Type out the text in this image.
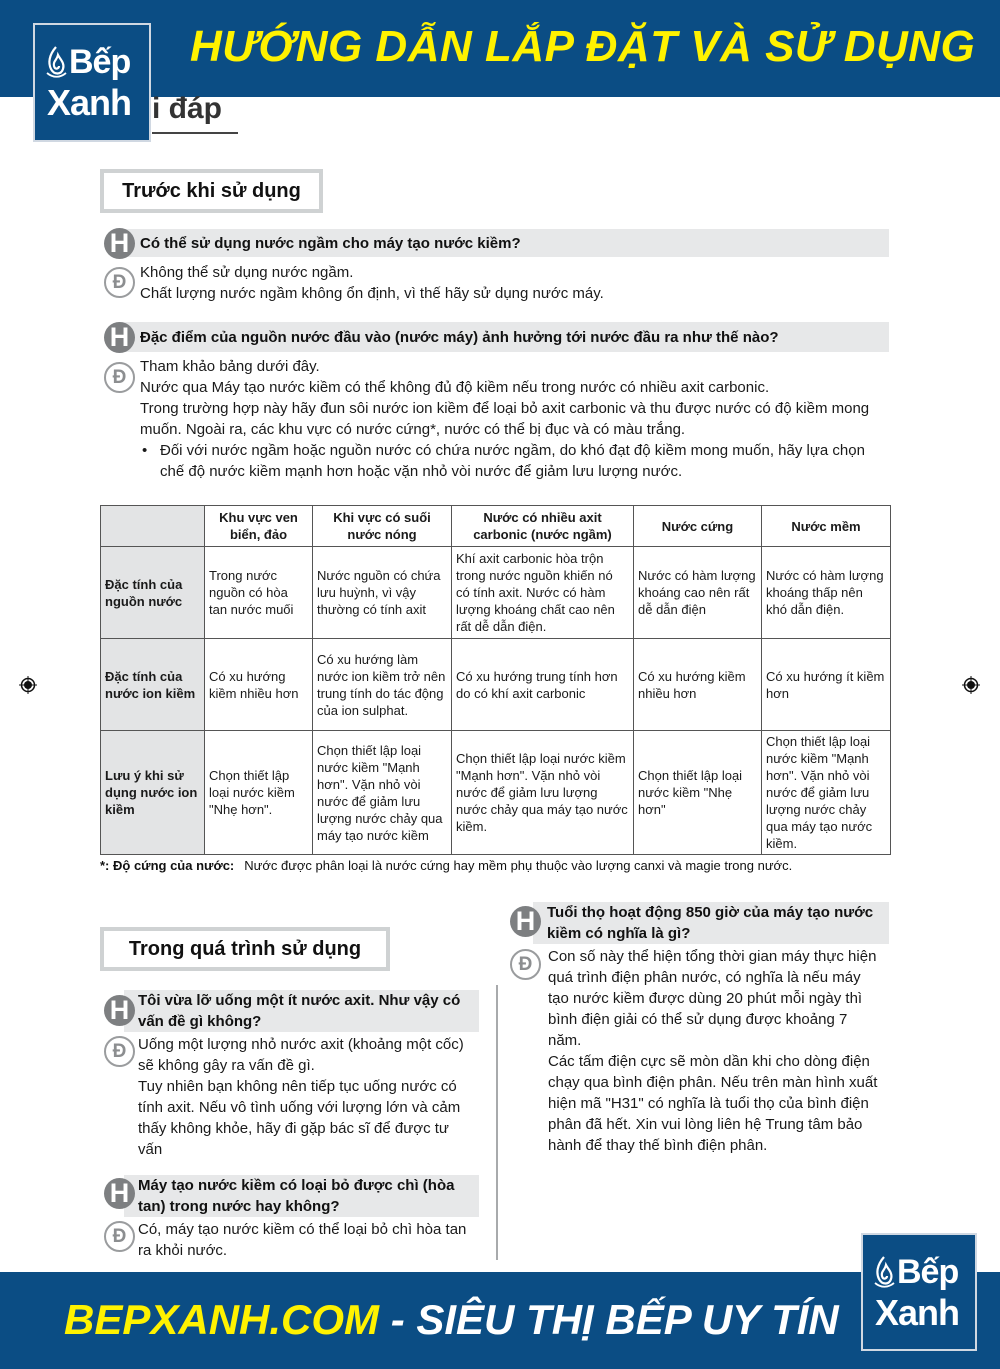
HƯỚNG DẪN LẮP ĐẶT VÀ SỬ DỤNG
Bếp
Xanh i đáp
Trước khi sử dụng
Có thể sử dụng nước ngầm cho máy tạo nước kiềm?
H
Đ Không thể sử dụng nước ngầm.

Chất lượng nước ngầm không ổn định, vì thế hãy sử dụng nước máy.

Đặc điểm của nguồn nước đầu vào (nước máy) ảnh hưởng tới nước đầu ra như thế nào?
H
Đ

Tham khảo bảng dưới đây.

Nước qua Máy tạo nước kiềm có thể không đủ độ kiềm nếu trong nước có nhiều axit carbonic.

Trong trường hợp này hãy đun sôi nước ion kiềm để loại bỏ axit carbonic và thu được nước có độ kiềm mong muốn. Ngoài ra, các khu vực có nước cứng*, nước có thể bị đục và có màu trắng.

• Đối với nước ngầm hoặc nguồn nước có chứa nước ngầm, do khó đạt độ kiềm mong muốn, hãy lựa chọn chế độ nước kiềm mạnh hơn hoặc vặn nhỏ vòi nước để giảm lưu lượng nước.

	Khu vực ven biển, đảo	Khi vực có suối nước nóng	Nước có nhiều axit carbonic (nước ngầm)	Nước cứng	Nước mềm
Đặc tính của nguồn nước	Trong nước nguồn có hòa tan nước muối	Nước nguồn có chứa lưu huỳnh, vì vậy thường có tính axit	Khí axit carbonic hòa trộn trong nước nguồn khiến nó có tính axit. Nước có hàm lượng khoáng chất cao nên rất dễ dẫn điện.	Nước có hàm lượng khoáng cao nên rất dễ dẫn điện	Nước có hàm lượng khoáng thấp nên khó dẫn điện.
Đặc tính của nước ion kiềm	Có xu hướng kiềm nhiều hơn	Có xu hướng làm nước ion kiềm trở nên trung tính do tác động của ion sulphat.	Có xu hướng trung tính hơn do có khí axit carbonic	Có xu hướng kiềm nhiều hơn	Có xu hướng ít kiềm hơn
Lưu ý khi sử dụng nước ion kiềm	Chọn thiết lập loại nước kiềm "Nhẹ hơn".	Chọn thiết lập loại nước kiềm "Mạnh hơn". Vặn nhỏ vòi nước để giảm lưu lượng nước chảy qua máy tạo nước kiềm	Chọn thiết lập loại nước kiềm "Mạnh hơn". Vặn nhỏ vòi nước để giảm lưu lượng nước chảy qua máy tạo nước kiềm.	Chọn thiết lập loại nước kiềm "Nhẹ hơn"	Chọn thiết lập loại nước kiềm "Mạnh hơn". Vặn nhỏ vòi nước để giảm lưu lượng nước chảy qua máy tạo nước kiềm.
*: Độ cứng của nước: Nước được phân loại là nước cứng hay mềm phụ thuộc vào lượng canxi và magie trong nước.
Trong quá trình sử dụng
Tôi vừa lỡ uống một ít nước axit. Như vậy có vấn đề gì không?
H
Đ Uống một lượng nhỏ nước axit (khoảng một cốc) sẽ không gây ra vấn đề gì.

Tuy nhiên bạn không nên tiếp tục uống nước có tính axit. Nếu vô tình uống với lượng lớn và cảm thấy không khỏe, hãy đi gặp bác sĩ để được tư vấn

Máy tạo nước kiềm có loại bỏ được chì (hòa tan) trong nước hay không?
H
Đ Có, máy tạo nước kiềm có thể loại bỏ chì hòa tan ra khỏi nước.

Tuổi thọ hoạt động 850 giờ của máy tạo nước kiềm có nghĩa là gì?
H
Đ	Con số này thể hiện tổng thời gian máy thực hiện quá trình điện phân nước, có nghĩa là nếu máy tạo nước kiềm được dùng 20 phút mỗi ngày thì bình điện giải có thể sử dụng được khoảng 7 năm.

Các tấm điện cực sẽ mòn dần khi cho dòng điện chạy qua bình điện phân. Nếu trên màn hình xuất hiện mã "H31" có nghĩa là tuổi thọ của bình điện phân đã hết. Xin vui lòng liên hệ Trung tâm bảo hành để thay thế bình điện phân.

BEPXANH.COM - SIÊU THỊ BẾP UY TÍN
Bếp
Xanh
